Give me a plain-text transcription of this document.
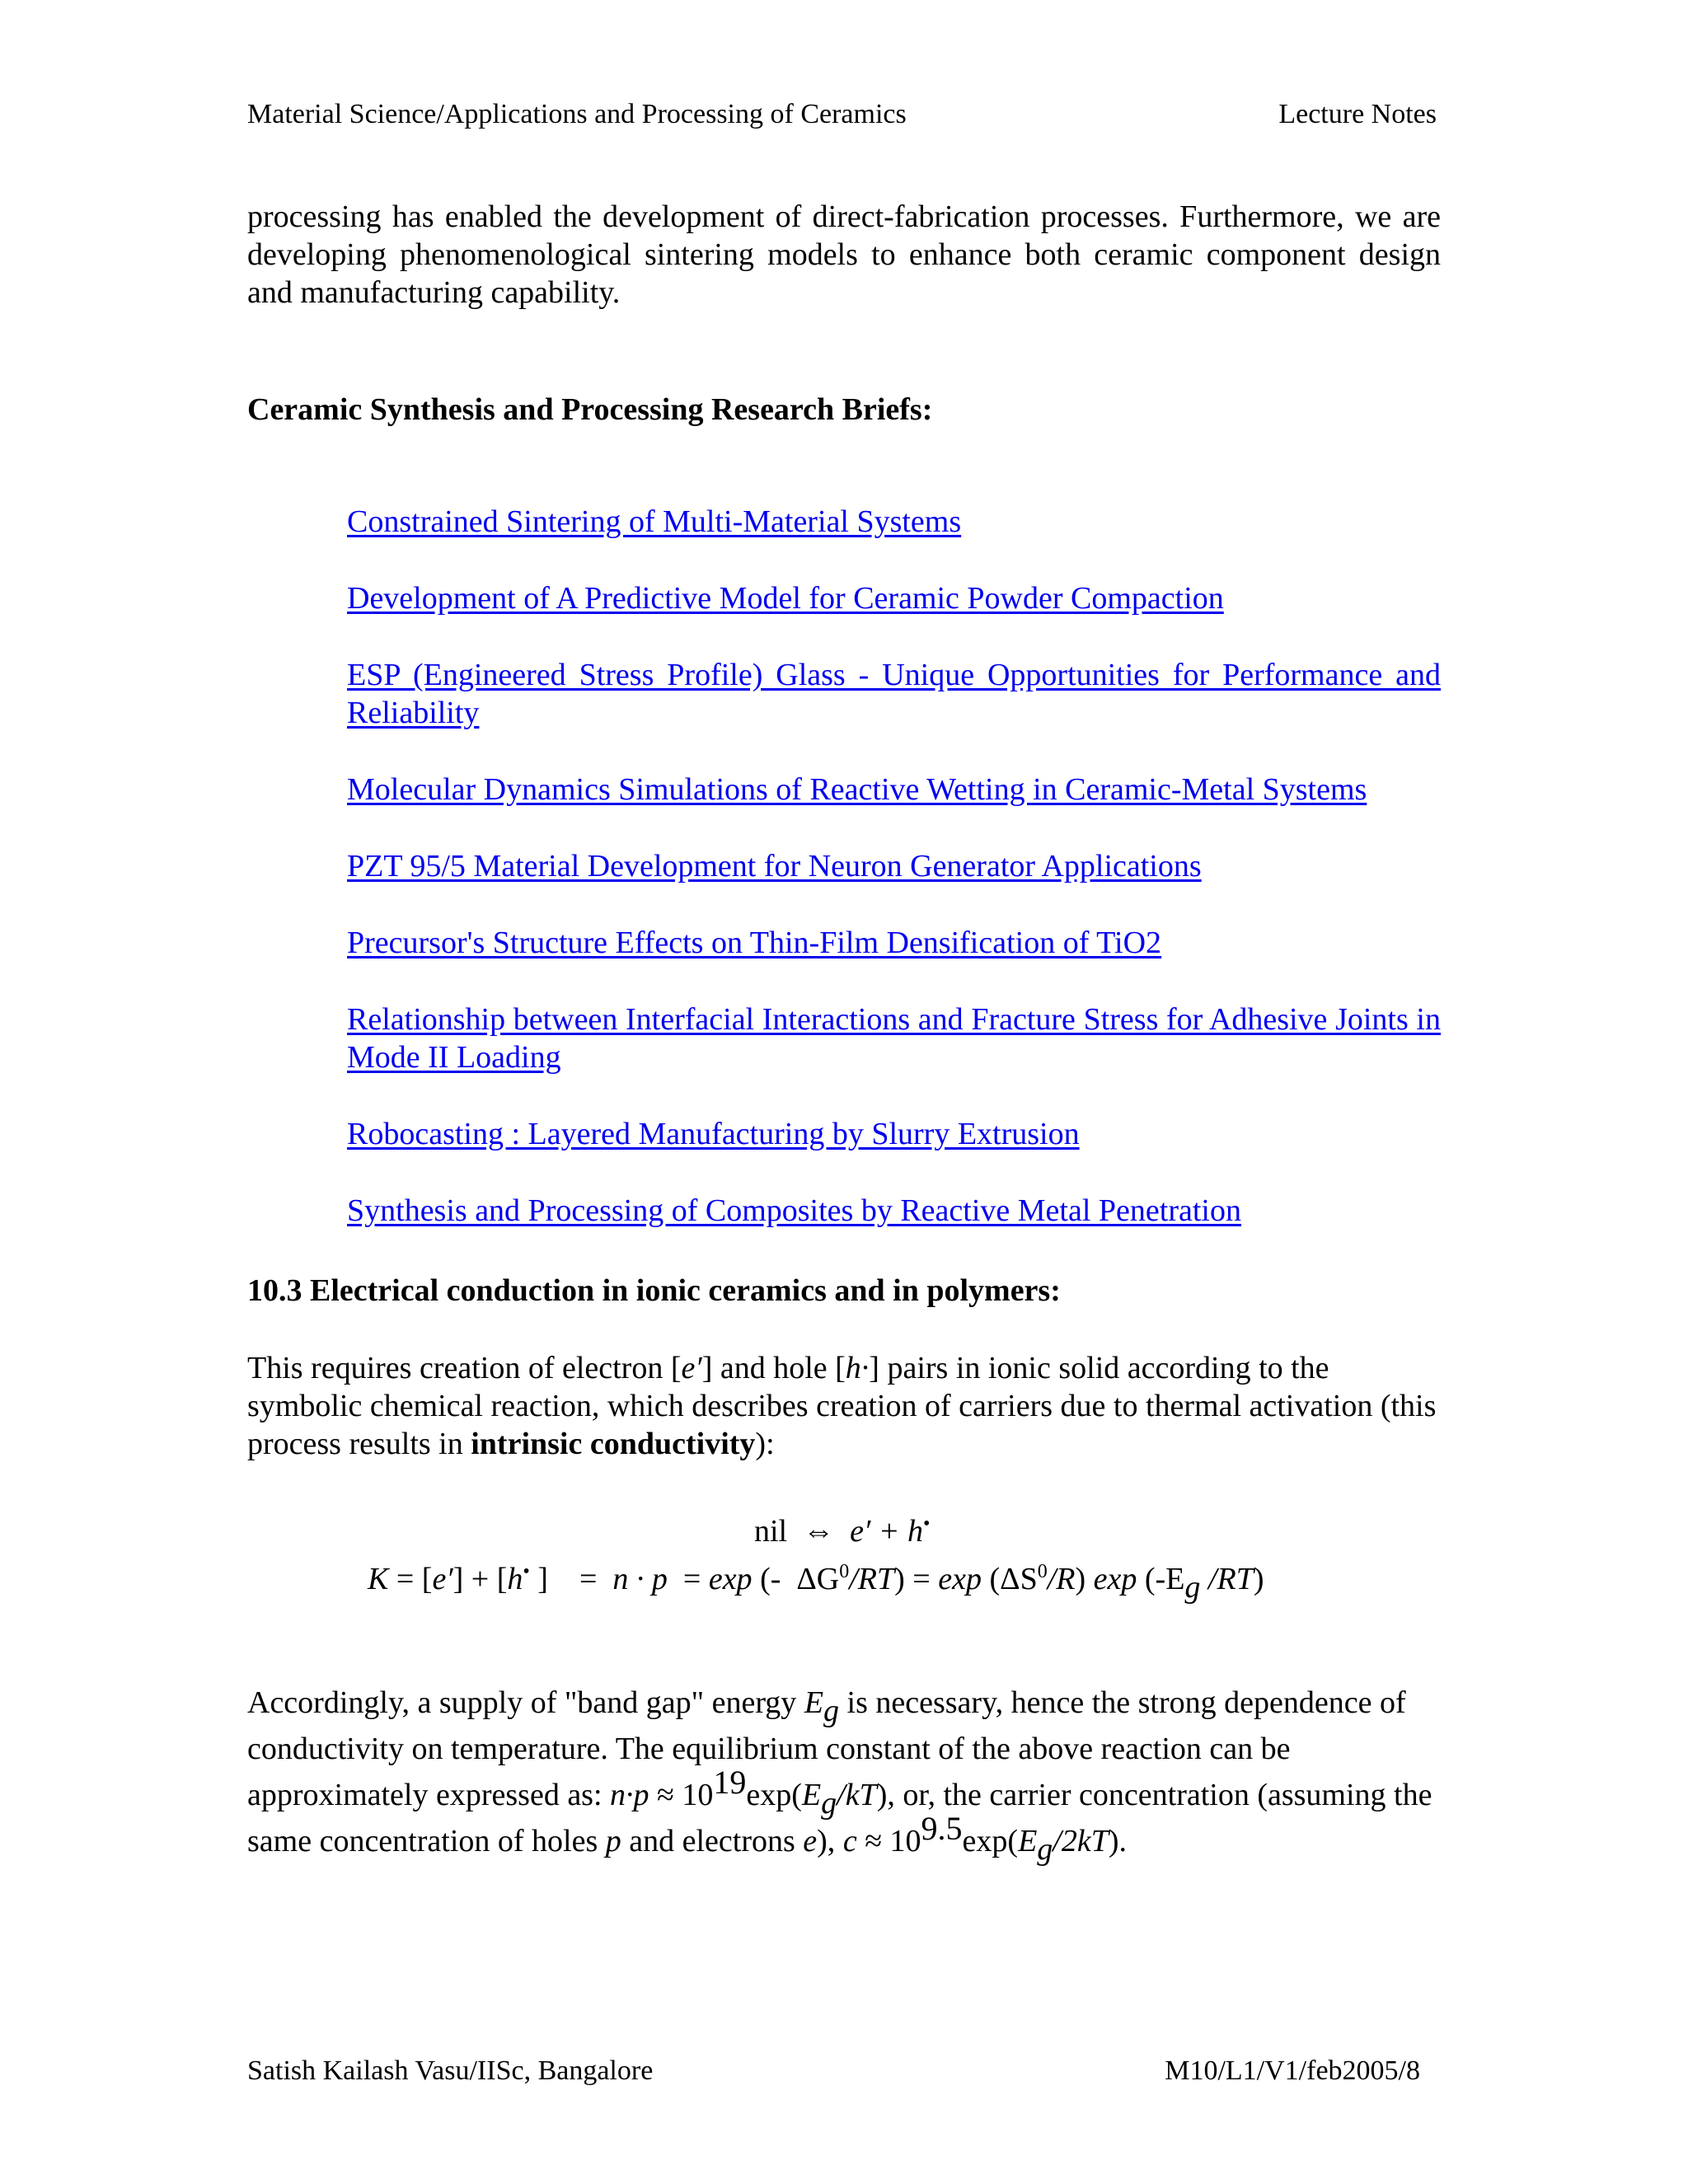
Material Science/Applications and Processing of Ceramics	Lecture Notes
processing has enabled the development of direct-fabrication processes. Furthermore, we are developing phenomenological sintering models to enhance both ceramic component design and manufacturing capability.
Ceramic Synthesis and Processing Research Briefs:
Constrained Sintering of Multi-Material Systems
Development of A Predictive Model for Ceramic Powder Compaction
ESP (Engineered Stress Profile) Glass - Unique Opportunities for Performance and Reliability
Molecular Dynamics Simulations of Reactive Wetting in Ceramic-Metal Systems
PZT 95/5 Material Development for Neuron Generator Applications
Precursor's Structure Effects on Thin-Film Densification of TiO2
Relationship between Interfacial Interactions and Fracture Stress for Adhesive Joints in Mode II Loading
Robocasting : Layered Manufacturing by Slurry Extrusion
Synthesis and Processing of Composites by Reactive Metal Penetration
10.3 Electrical conduction in ionic ceramics and in polymers:
This requires creation of electron [e′] and hole [h·] pairs in ionic solid according to the symbolic chemical reaction, which describes creation of carriers due to thermal activation (this process results in intrinsic conductivity):
nil ⇔ e′ + h•
K = [e′] + [h• ]    =  n · p  = exp (-  $\Delta G^0/RT) = \exp (\Delta S^0/R)$ $\exp (-E_g$ /RT)
Accordingly, a supply of "band gap" energy $E_g$ is necessary, hence the strong dependence of conductivity on temperature. The equilibrium constant of the above reaction can be approximately expressed as: $n\cdot p \approx 1019\exp(E_g/kT)$, or, the carrier concentration (assuming the same concentration of holes p and electrons e), $c \approx 109.5\exp(E_g/2kT)$.
Satish Kailash Vasu/IISc, Bangalore	M10/L1/V1/feb2005/8
